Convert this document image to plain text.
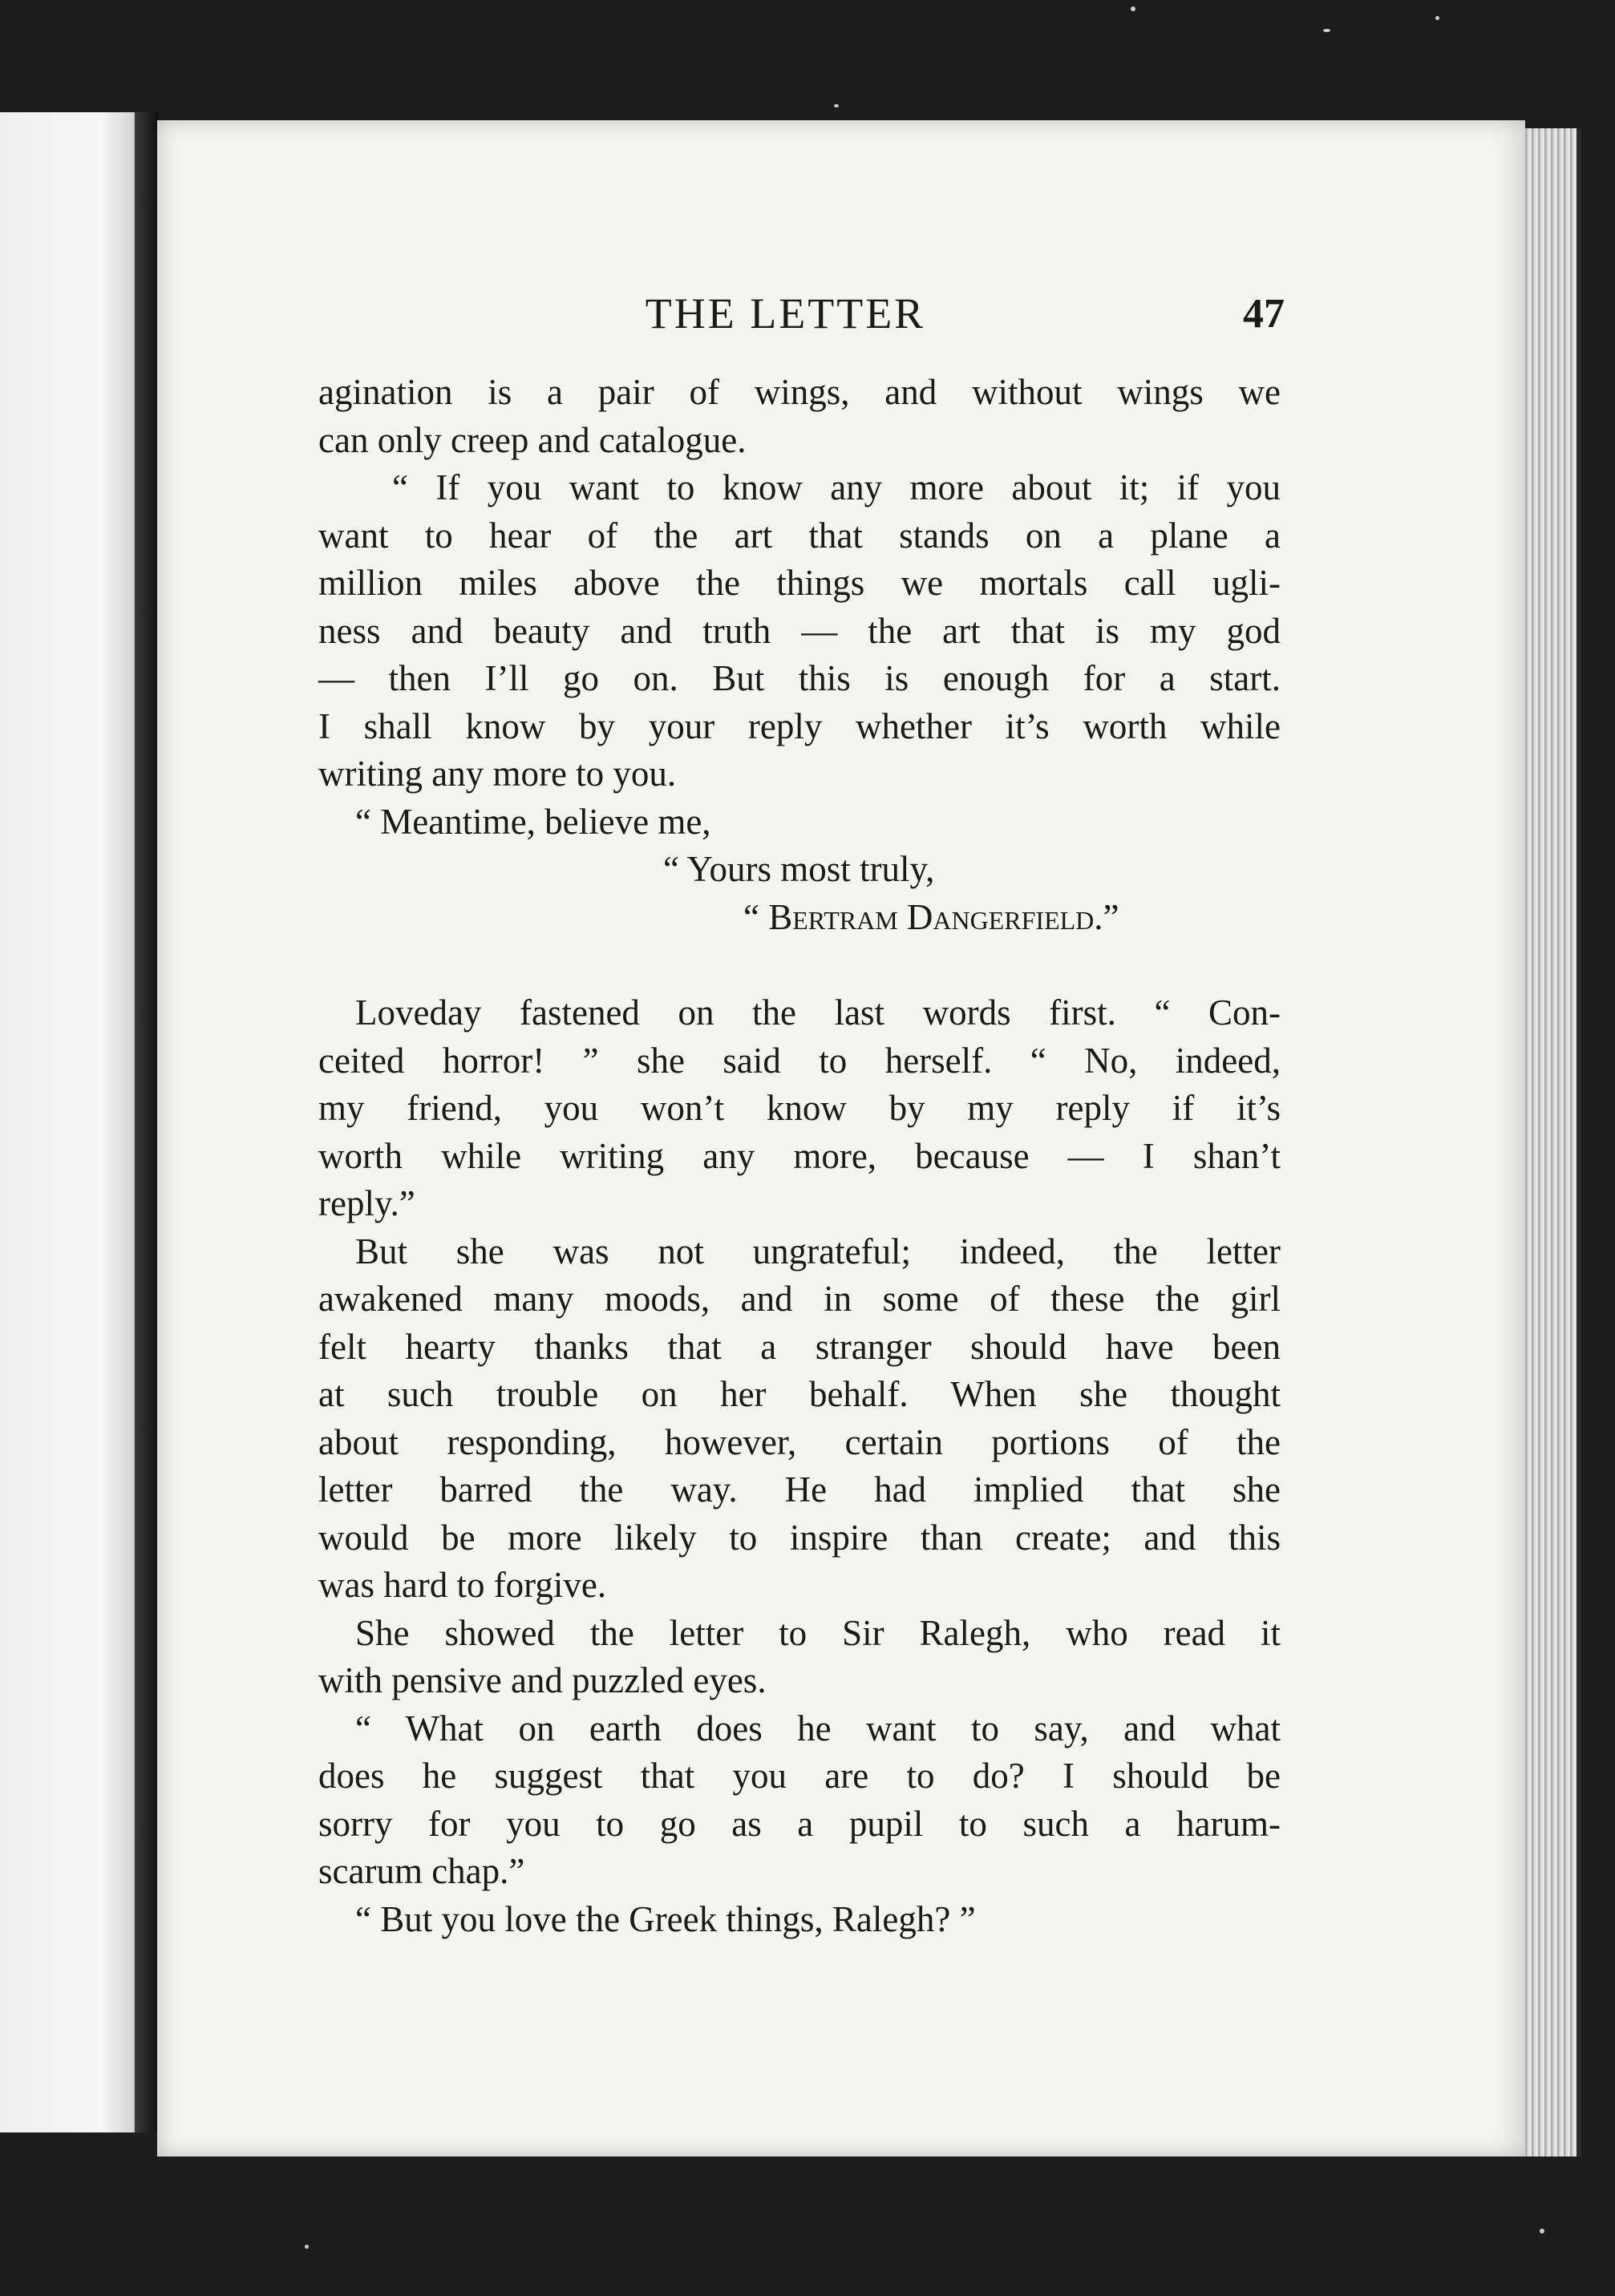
THE LETTER	47

agination is a pair of wings, and without wings we
can only creep and catalogue.

“ If you want to know any more about it; if you
want to hear of the art that stands on a plane a
million miles above the things we mortals call ugli-
ness and beauty and truth — the art that is my god
— then I’ll go on. But this is enough for a start.
I shall know by your reply whether it’s worth while
writing any more to you.

“ Meantime, believe me,

“ Yours most truly,
“ Bertram Dangerfield.”

Loveday fastened on the last words first. “ Con-
ceited horror! ” she said to herself. “ No, indeed,
my friend, you won’t know by my reply if it’s
worth while writing any more, because — I shan’t
reply.”

But she was not ungrateful; indeed, the letter
awakened many moods, and in some of these the girl
felt hearty thanks that a stranger should have been
at such trouble on her behalf. When she thought
about responding, however, certain portions of the
letter barred the way. He had implied that she
would be more likely to inspire than create; and this
was hard to forgive.

She showed the letter to Sir Ralegh, who read it
with pensive and puzzled eyes.

“ What on earth does he want to say, and what
does he suggest that you are to do? I should be
sorry for you to go as a pupil to such a harum-
scarum chap.”

“ But you love the Greek things, Ralegh? ”
